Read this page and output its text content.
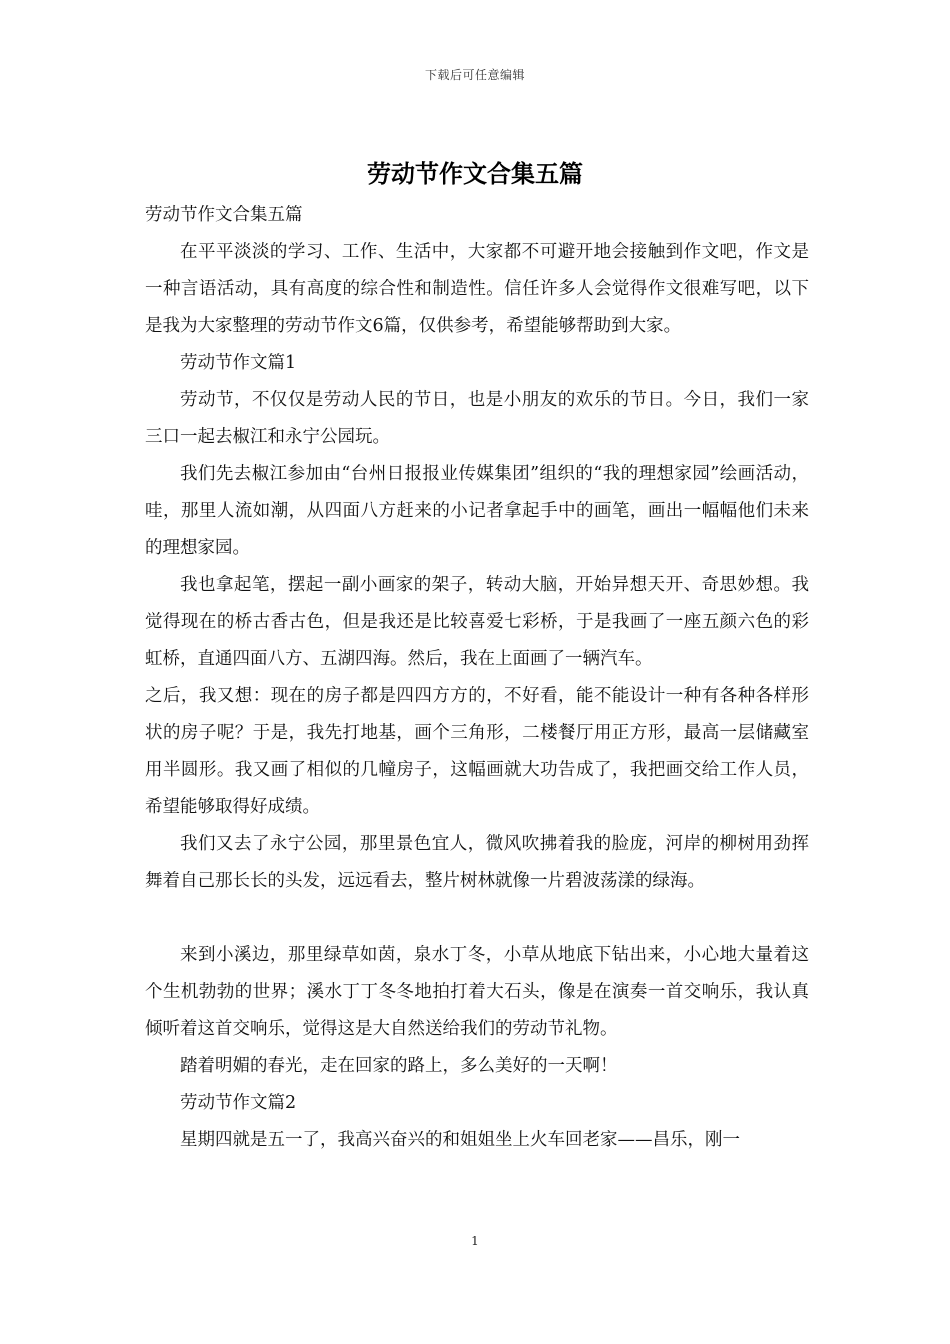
下载后可任意编辑
劳动节作文合集五篇

劳动节作文合集五篇

在平平淡淡的学习、工作、生活中，大家都不可避开地会接触到作文吧，作文是一种言语活动，具有高度的综合性和制造性。信任许多人会觉得作文很难写吧，以下是我为大家整理的劳动节作文6篇，仅供参考，希望能够帮助到大家。

劳动节作文篇1

劳动节，不仅仅是劳动人民的节日，也是小朋友的欢乐的节日。今日，我们一家三口一起去椒江和永宁公园玩。

我们先去椒江参加由“台州日报报业传媒集团”组织的“我的理想家园”绘画活动，哇，那里人流如潮，从四面八方赶来的小记者拿起手中的画笔，画出一幅幅他们未来的理想家园。

我也拿起笔，摆起一副小画家的架子，转动大脑，开始异想天开、奇思妙想。我觉得现在的桥古香古色，但是我还是比较喜爱七彩桥，于是我画了一座五颜六色的彩虹桥，直通四面八方、五湖四海。然后，我在上面画了一辆汽车。

之后，我又想：现在的房子都是四四方方的，不好看，能不能设计一种有各种各样形状的房子呢？于是，我先打地基，画个三角形，二楼餐厅用正方形，最高一层储藏室用半圆形。我又画了相似的几幢房子，这幅画就大功告成了，我把画交给工作人员，希望能够取得好成绩。

我们又去了永宁公园，那里景色宜人，微风吹拂着我的脸庞，河岸的柳树用劲挥舞着自己那长长的头发，远远看去，整片树林就像一片碧波荡漾的绿海。

来到小溪边，那里绿草如茵，泉水丁冬，小草从地底下钻出来，小心地大量着这个生机勃勃的世界；溪水丁丁冬冬地拍打着大石头，像是在演奏一首交响乐，我认真倾听着这首交响乐，觉得这是大自然送给我们的劳动节礼物。

踏着明媚的春光，走在回家的路上，多么美好的一天啊！

劳动节作文篇2

星期四就是五一了，我高兴奋兴的和姐姐坐上火车回老家——昌乐，刚一

1
